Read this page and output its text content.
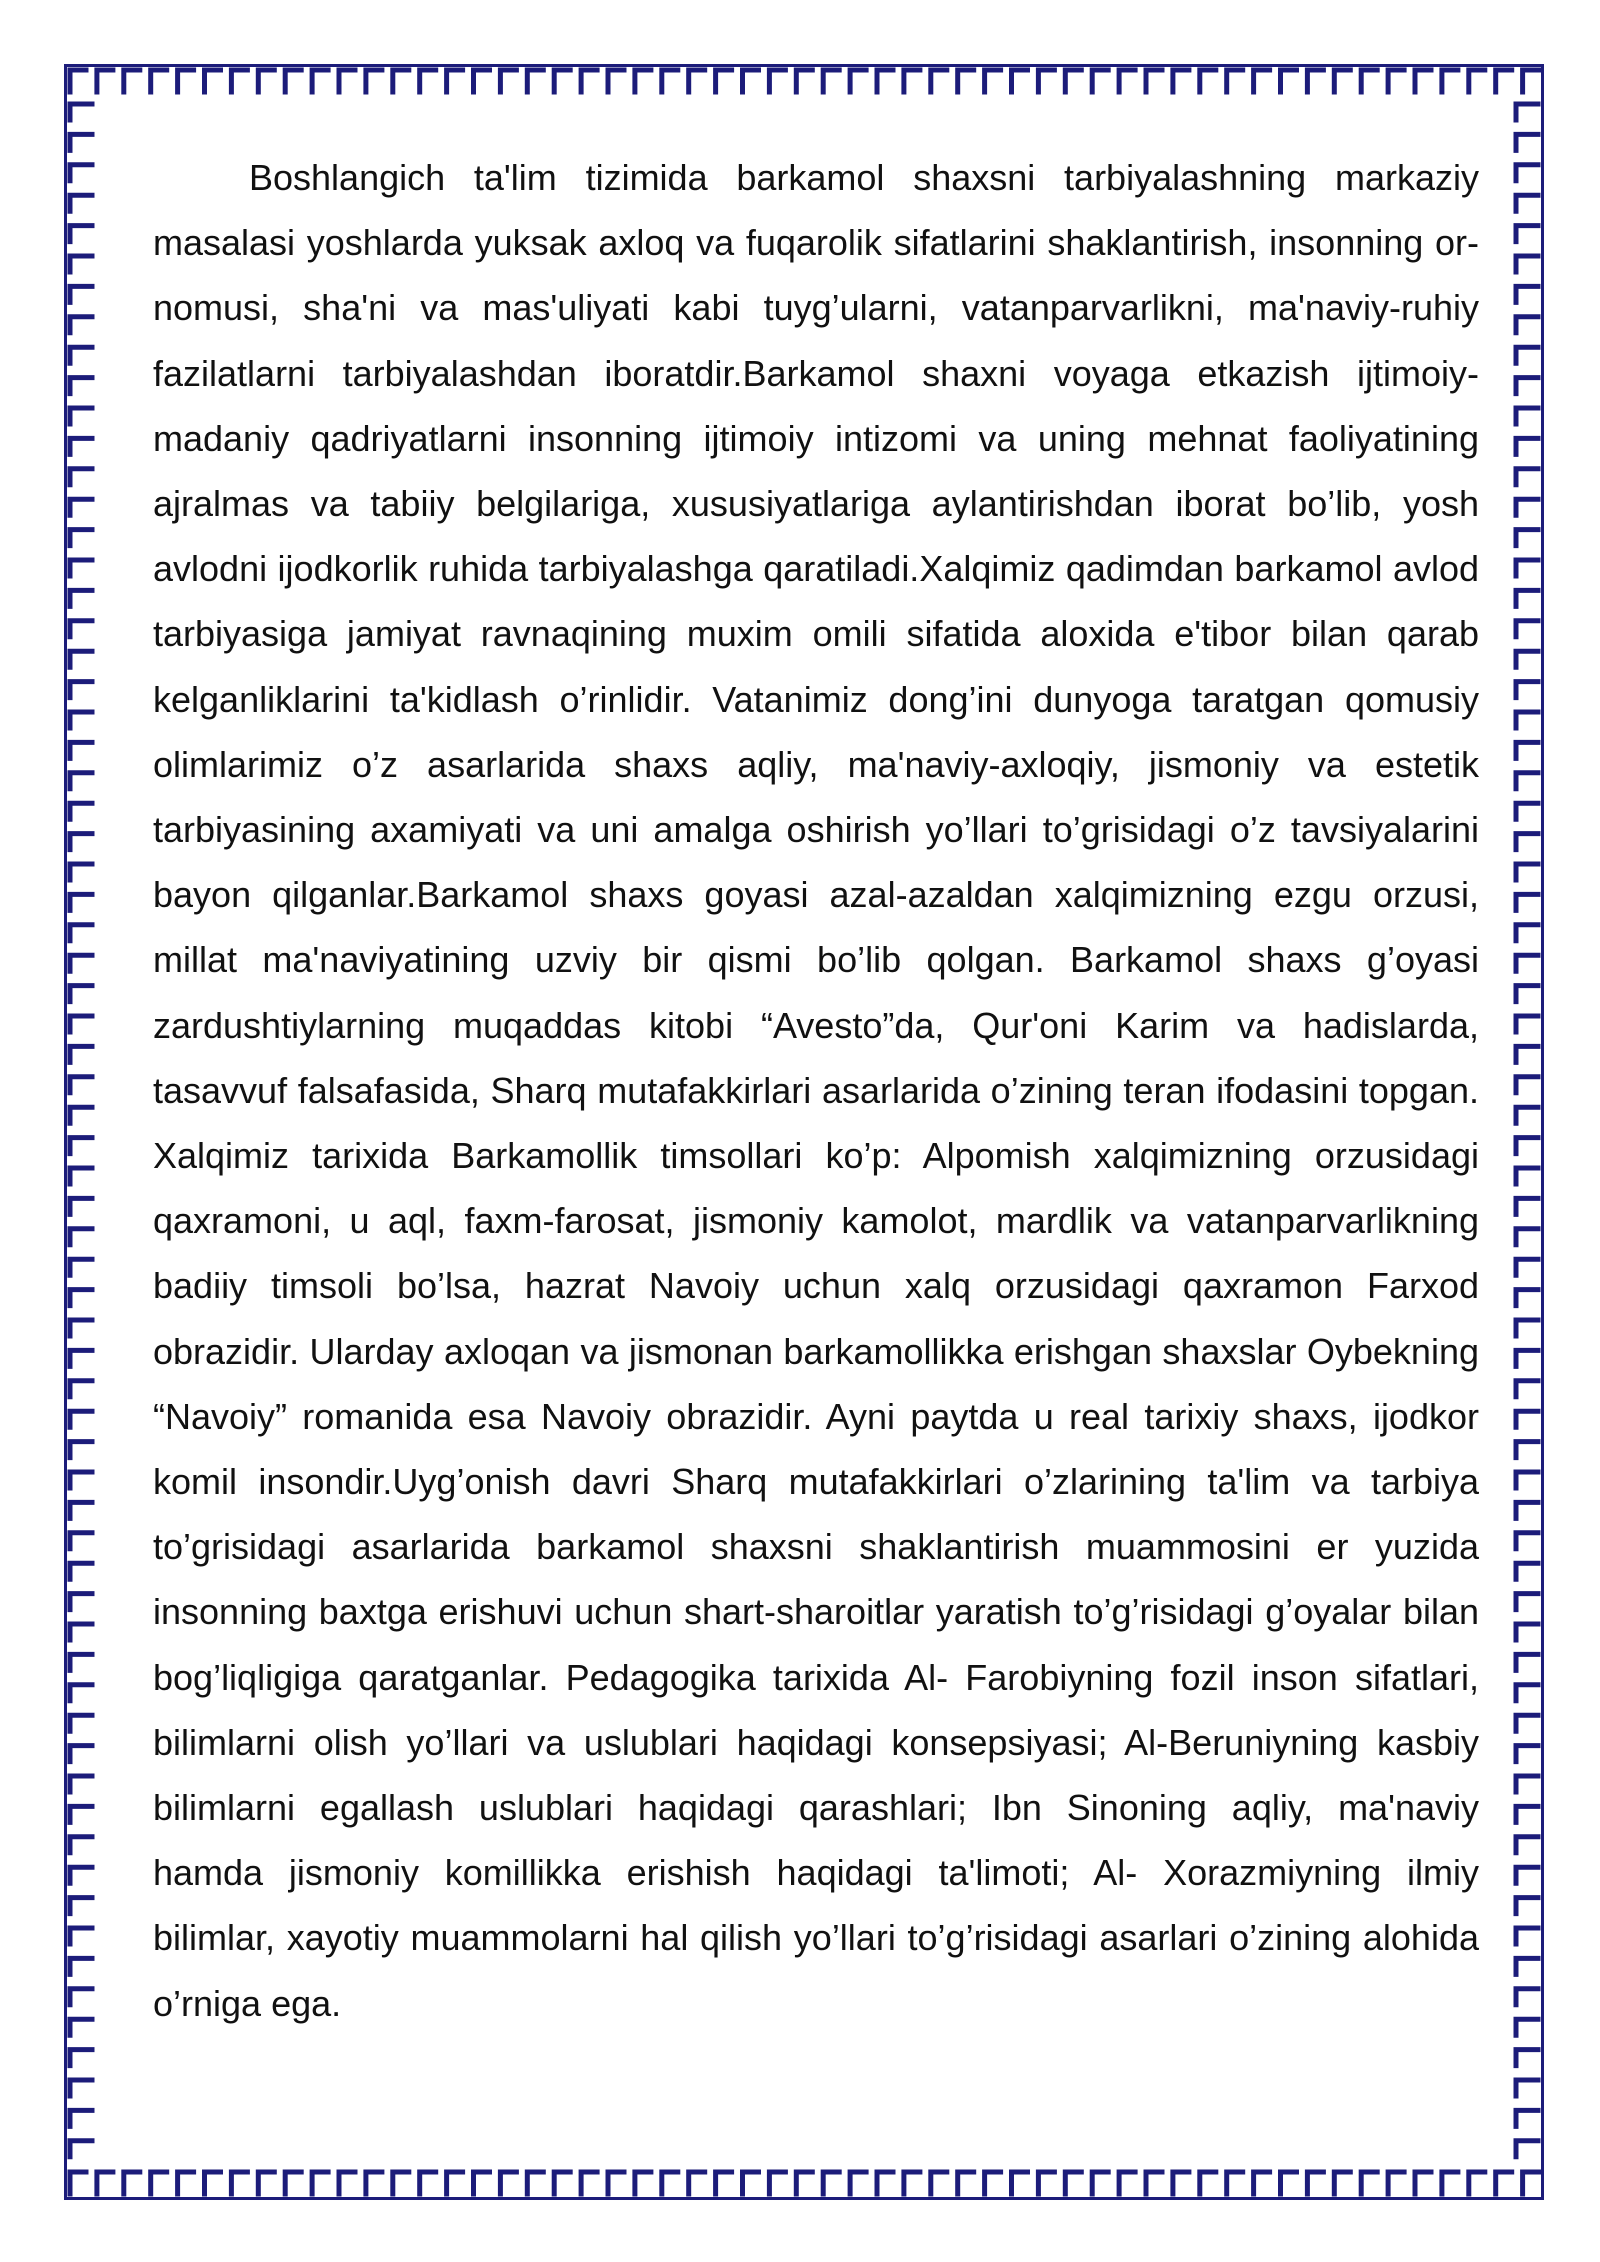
Boshlangich ta'lim tizimida barkamol shaxsni tarbiyalashning markaziy masalasi yoshlarda yuksak axloq va fuqarolik sifatlarini shaklantirish, insonning or-nomusi, sha'ni va mas'uliyati kabi tuyg’ularni, vatanparvarlikni, ma'naviy-ruhiy fazilatlarni tarbiyalashdan iboratdir.Barkamol shaxni voyaga etkazish ijtimoiy-madaniy qadriyatlarni insonning ijtimoiy intizomi va uning mehnat faoliyatining ajralmas va tabiiy belgilariga, xususiyatlariga aylantirishdan iborat bo’lib, yosh avlodni ijodkorlik ruhida tarbiyalashga qaratiladi.Xalqimiz qadimdan barkamol avlod tarbiyasiga jamiyat ravnaqining muxim omili sifatida aloxida e'tibor bilan qarab kelganliklarini ta'kidlash o’rinlidir. Vatanimiz dong’ini dunyoga taratgan qomusiy olimlarimiz o’z asarlarida shaxs aqliy, ma'naviy-axloqiy, jismoniy va estetik tarbiyasining axamiyati va uni amalga oshirish yo’llari to’grisidagi o’z tavsiyalarini bayon qilganlar.Barkamol shaxs goyasi azal-azaldan xalqimizning ezgu orzusi, millat ma'naviyatining uzviy bir qismi bo’lib qolgan. Barkamol shaxs g’oyasi zardushtiylarning muqaddas kitobi “Avesto”da, Qur'oni Karim va hadislarda, tasavvuf falsafasida, Sharq mutafakkirlari asarlarida o’zining teran ifodasini topgan. Xalqimiz tarixida Barkamollik timsollari ko’p: Alpomish xalqimizning orzusidagi qaxramoni, u aql, faxm-farosat, jismoniy kamolot, mardlik va vatanparvarlikning badiiy timsoli bo’lsa, hazrat Navoiy uchun xalq orzusidagi qaxramon Farxod obrazidir. Ularday axloqan va jismonan barkamollikka erishgan shaxslar Oybekning “Navoiy” romanida esa Navoiy obrazidir. Ayni paytda u real tarixiy shaxs, ijodkor komil insondir.Uyg’onish davri Sharq mutafakkirlari o’zlarining ta'lim va tarbiya to’grisidagi asarlarida barkamol shaxsni shaklantirish muammosini er yuzida insonning baxtga erishuvi uchun shart-sharoitlar yaratish to’g’risidagi g’oyalar bilan bog’liqligiga qaratganlar. Pedagogika tarixida Al- Farobiyning fozil inson sifatlari, bilimlarni olish yo’llari va uslublari haqidagi konsepsiyasi; Al-Beruniyning kasbiy bilimlarni egallash uslublari haqidagi qarashlari; Ibn Sinoning aqliy, ma'naviy hamda jismoniy komillikka erishish haqidagi ta'limoti; Al- Xorazmiyning ilmiy bilimlar, xayotiy muammolarni hal qilish yo’llari to’g’risidagi asarlari o’zining alohida o’rniga ega.
